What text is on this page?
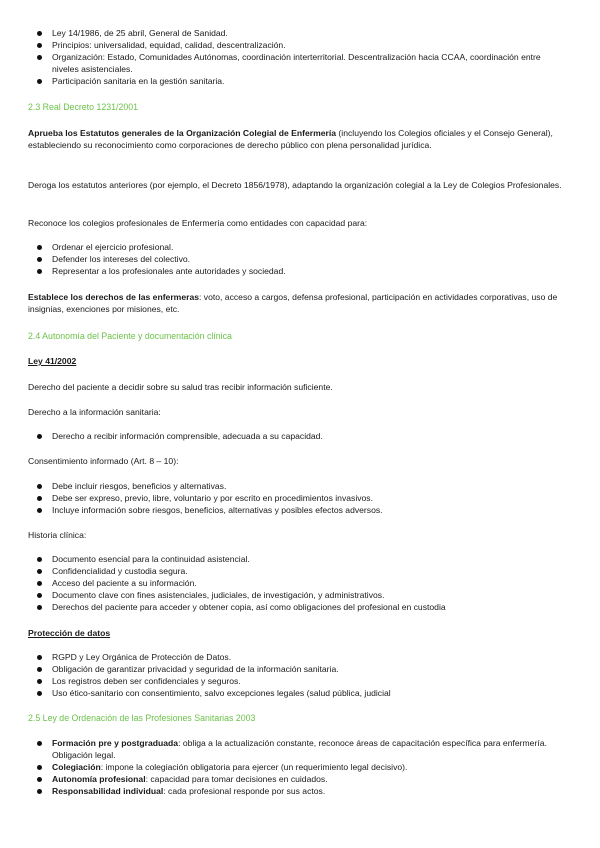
Ley 14/1986, de 25 abril, General de Sanidad.
Principios: universalidad, equidad, calidad, descentralización.
Organización: Estado, Comunidades Autónomas, coordinación interterritorial. Descentralización hacia CCAA, coordinación entre niveles asistenciales.
Participación sanitaria en la gestión sanitaria.
2.3 Real Decreto 1231/2001

Aprueba los Estatutos generales de la Organización Colegial de Enfermería (incluyendo los Colegios oficiales y el Consejo General), estableciendo su reconocimiento como corporaciones de derecho público con plena personalidad jurídica.

Deroga los estatutos anteriores (por ejemplo, el Decreto 1856/1978), adaptando la organización colegial a la Ley de Colegios Profesionales.

Reconoce los colegios profesionales de Enfermería como entidades con capacidad para:

Ordenar el ejercicio profesional.
Defender los intereses del colectivo.
Representar a los profesionales ante autoridades y sociedad.

Establece los derechos de las enfermeras: voto, acceso a cargos, defensa profesional, participación en actividades corporativas, uso de insignias, exenciones por misiones, etc.

2.4 Autonomía del Paciente y documentación clínica
Ley 41/2002

Derecho del paciente a decidir sobre su salud tras recibir información suficiente.

Derecho a la información sanitaria:

Derecho a recibir información comprensible, adecuada a su capacidad.

Consentimiento informado (Art. 8 – 10):

Debe incluir riesgos, beneficios y alternativas.
Debe ser expreso, previo, libre, voluntario y por escrito en procedimientos invasivos.
Incluye información sobre riesgos, beneficios, alternativas y posibles efectos adversos.

Historia clínica:

Documento esencial para la continuidad asistencial.
Confidencialidad y custodia segura.
Acceso del paciente a su información.
Documento clave con fines asistenciales, judiciales, de investigación, y administrativos.
Derechos del paciente para acceder y obtener copia, así como obligaciones del profesional en custodia
Protección de datos
RGPD y Ley Orgánica de Protección de Datos.
Obligación de garantizar privacidad y seguridad de la información sanitaria.
Los registros deben ser confidenciales y seguros.
Uso ético-sanitario con consentimiento, salvo excepciones legales (salud pública, judicial
2.5 Ley de Ordenación de las Profesiones Sanitarias 2003
Formación pre y postgraduada: obliga a la actualización constante, reconoce áreas de capacitación específica para enfermería. Obligación legal.
Colegiación: impone la colegiación obligatoria para ejercer (un requerimiento legal decisivo).
Autonomía profesional: capacidad para tomar decisiones en cuidados.
Responsabilidad individual: cada profesional responde por sus actos.
